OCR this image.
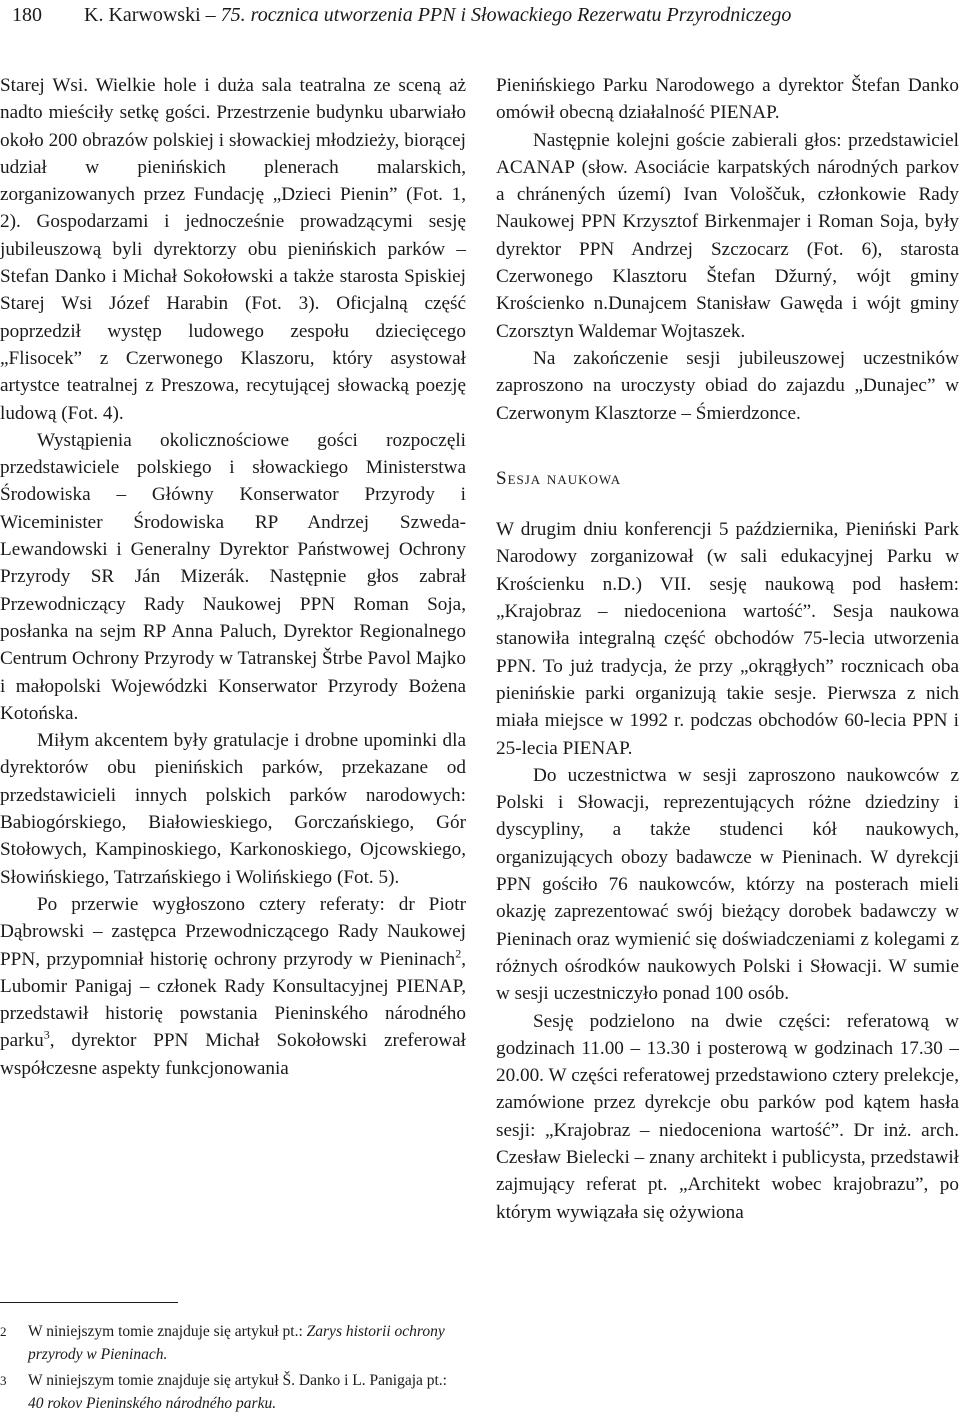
180 K. Karwowski – 75. rocznica utworzenia PPN i Słowackiego Rezerwatu Przyrodniczego

Starej Wsi. Wielkie hole i duża sala teatralna ze sceną aż nadto mieściły setkę gości. Przestrzenie budynku ubarwiało około 200 obrazów polskiej i słowackiej młodzieży, biorącej udział w pienińskich plenerach malarskich, zorganizowanych przez Fundację „Dzieci Pienin” (Fot. 1, 2). Gospodarzami i jednocześnie prowadzącymi sesję jubileuszową byli dyrektorzy obu pienińskich parków – Stefan Danko i Michał Sokołowski a także starosta Spiskiej Starej Wsi Józef Harabin (Fot. 3). Oficjalną część poprzedził występ ludowego zespołu dziecięcego „Flisocek” z Czerwonego Klaszoru, który asystował artystce teatralnej z Preszowa, recytującej słowacką poezję ludową (Fot. 4).

Wystąpienia okolicznościowe gości rozpoczęli przedstawiciele polskiego i słowackiego Ministerstwa Środowiska – Główny Konserwator Przyrody i Wiceminister Środowiska RP Andrzej Szweda-Lewandowski i Generalny Dyrektor Państwowej Ochrony Przyrody SR Ján Mizerák. Następnie głos zabrał Przewodniczący Rady Naukowej PPN Roman Soja, posłanka na sejm RP Anna Paluch, Dyrektor Regionalnego Centrum Ochrony Przyrody w Tatranskej Štrbe Pavol Majko i małopolski Wojewódzki Konserwator Przyrody Bożena Kotońska.

Miłym akcentem były gratulacje i drobne upominki dla dyrektorów obu pienińskich parków, przekazane od przedstawicieli innych polskich parków narodowych: Babiogórskiego, Białowieskiego, Gorczańskiego, Gór Stołowych, Kampinoskiego, Karkonoskiego, Ojcowskiego, Słowińskiego, Tatrzańskiego i Wolińskiego (Fot. 5).

Po przerwie wygłoszono cztery referaty: dr Piotr Dąbrowski – zastępca Przewodniczącego Rady Naukowej PPN, przypomniał historię ochrony przyrody w Pieninach$^2$, Lubomir Panigaj – członek Rady Konsultacyjnej PIENAP, przedstawił historię powstania Pieninského národného parku$^3$, dyrektor PPN Michał Sokołowski zreferował współczesne aspekty funkcjonowania

2	W niniejszym tomie znajduje się artykuł pt.: Zarys historii ochrony przyrody w Pieninach.
3	W niniejszym tomie znajduje się artykuł Š. Danko i L. Panigaja pt.: 40 rokov Pieninského národného parku.

Pienińskiego Parku Narodowego a dyrektor Štefan Danko omówił obecną działalność PIENAP.

Następnie kolejni goście zabierali głos: przedstawiciel ACANAP (słow. Asociácie karpatských národných parkov a chránených území) Ivan Vološčuk, członkowie Rady Naukowej PPN Krzysztof Birkenmajer i Roman Soja, były dyrektor PPN Andrzej Szczocarz (Fot. 6), starosta Czerwonego Klasztoru Štefan Džurný, wójt gminy Krościenko n.Dunajcem Stanisław Gawęda i wójt gminy Czorsztyn Waldemar Wojtaszek.

Na zakończenie sesji jubileuszowej uczestników zaproszono na uroczysty obiad do zajazdu „Dunajec” w Czerwonym Klasztorze – Śmierdzonce.

Sesja naukowa

W drugim dniu konferencji 5 października, Pieniński Park Narodowy zorganizował (w sali edukacyjnej Parku w Krościenku n.D.) VII. sesję naukową pod hasłem: „Krajobraz – niedoceniona wartość”. Sesja naukowa stanowiła integralną część obchodów 75-lecia utworzenia PPN. To już tradycja, że przy „okrągłych” rocznicach oba pienińskie parki organizują takie sesje. Pierwsza z nich miała miejsce w 1992 r. podczas obchodów 60-lecia PPN i 25-lecia PIENAP.

Do uczestnictwa w sesji zaproszono naukowców z Polski i Słowacji, reprezentujących różne dziedziny i dyscypliny, a także studenci kół naukowych, organizujących obozy badawcze w Pieninach. W dyrekcji PPN gościło 76 naukowców, którzy na posterach mieli okazję zaprezentować swój bieżący dorobek badawczy w Pieninach oraz wymienić się doświadczeniami z kolegami z różnych ośrodków naukowych Polski i Słowacji. W sumie w sesji uczestniczyło ponad 100 osób.

Sesję podzielono na dwie części: referatową w godzinach 11.00 – 13.30 i posterową w godzinach 17.30 – 20.00. W części referatowej przedstawiono cztery prelekcje, zamówione przez dyrekcje obu parków pod kątem hasła sesji: „Krajobraz – niedoceniona wartość”. Dr inż. arch. Czesław Bielecki – znany architekt i publicysta, przedstawił zajmujący referat pt. „Architekt wobec krajobrazu”, po którym wywiązała się ożywiona
